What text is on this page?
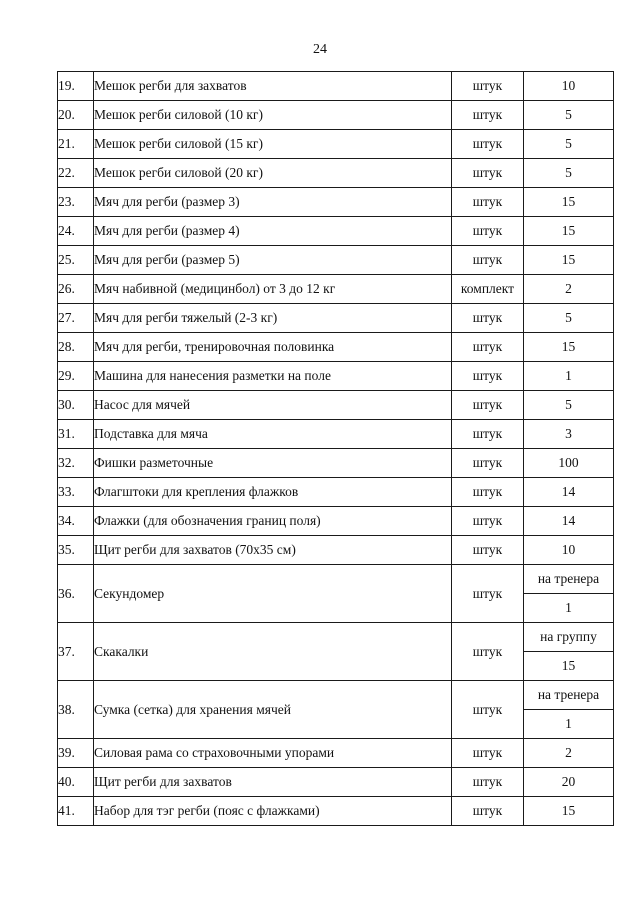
24
19.	Мешок регби для захватов	штук	10
20.	Мешок регби силовой (10 кг)	штук	5
21.	Мешок регби силовой (15 кг)	штук	5
22.	Мешок регби силовой (20 кг)	штук	5
23.	Мяч для регби (размер 3)	штук	15
24.	Мяч для регби (размер 4)	штук	15
25.	Мяч для регби (размер 5)	штук	15
26.	Мяч набивной (медицинбол) от 3 до 12 кг	комплект	2
27.	Мяч для регби тяжелый (2-3 кг)	штук	5
28.	Мяч для регби, тренировочная половинка	штук	15
29.	Машина для нанесения разметки на поле	штук	1
30.	Насос для мячей	штук	5
31.	Подставка для мяча	штук	3
32.	Фишки разметочные	штук	100
33.	Флагштоки для крепления флажков	штук	14
34.	Флажки (для обозначения границ поля)	штук	14
35.	Щит регби для захватов (70х35 см)	штук	10
36.	Секундомер	штук	на тренера
			1
37.	Скакалки	штук	на группу
			15
38.	Сумка (сетка) для хранения мячей	штук	на тренера
			1
39.	Силовая рама со страховочными упорами	штук	2
40.	Щит регби для захватов	штук	20
41.	Набор для тэг регби (пояс с флажками)	штук	15
